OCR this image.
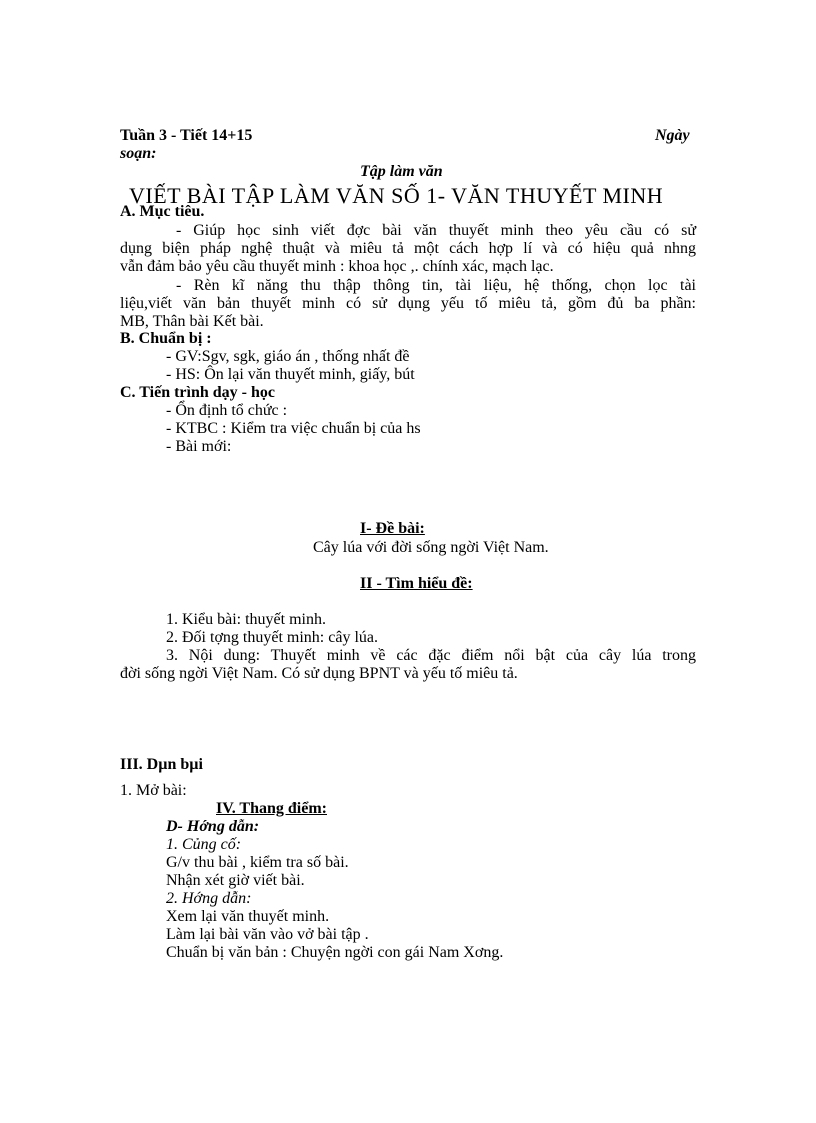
Tuần 3 - Tiết 14+15	Ngày
soạn:
Tập làm văn
VIẾT BÀI TẬP LÀM VĂN SỐ 1- VĂN THUYẾT MINH
A. Mục tiêu.
- Giúp học sinh viết đợc bài văn thuyết minh theo yêu cầu có sử
dụng biện pháp nghệ thuật và miêu tả một cách hợp lí và có hiệu quả nhng
vẫn đảm bảo yêu cầu thuyết minh : khoa học ,. chính xác, mạch lạc.
- Rèn kĩ năng thu thập thông tin, tài liệu, hệ thống, chọn lọc tài
liệu,viết văn bản thuyết minh có sử dụng yếu tố miêu tả, gồm đủ ba phần:
MB, Thân bài Kết bài.
B. Chuẩn bị :
- GV:Sgv, sgk, giáo án , thống nhất đề
- HS: Ôn lại văn thuyết minh, giấy, bút
C. Tiến trình dạy - học
- Ổn định tổ chức :
- KTBC : Kiểm tra việc chuẩn bị của hs
- Bài mới:
I- Đề bài:
Cây lúa với đời sống ngời Việt Nam.
II - Tìm hiểu đề:
1. Kiểu bài: thuyết minh.
2. Đối tợng thuyết minh: cây lúa.
3. Nội dung: Thuyết minh về các đặc điểm nổi bật của cây lúa trong
đời sống ngời Việt Nam. Có sử dụng BPNT và yếu tố miêu tả.
III. Dµn bµi
1. Mở bài:
IV. Thang điểm:
D- Hớng dẫn:
1. Củng cố:
G/v thu bài , kiểm tra số bài.
Nhận xét giờ viết bài.
2. Hớng dẫn:
Xem lại văn thuyết minh.
Làm lại bài văn vào vở bài tập .
Chuẩn bị văn bản : Chuyện ngời con gái Nam Xơng.
